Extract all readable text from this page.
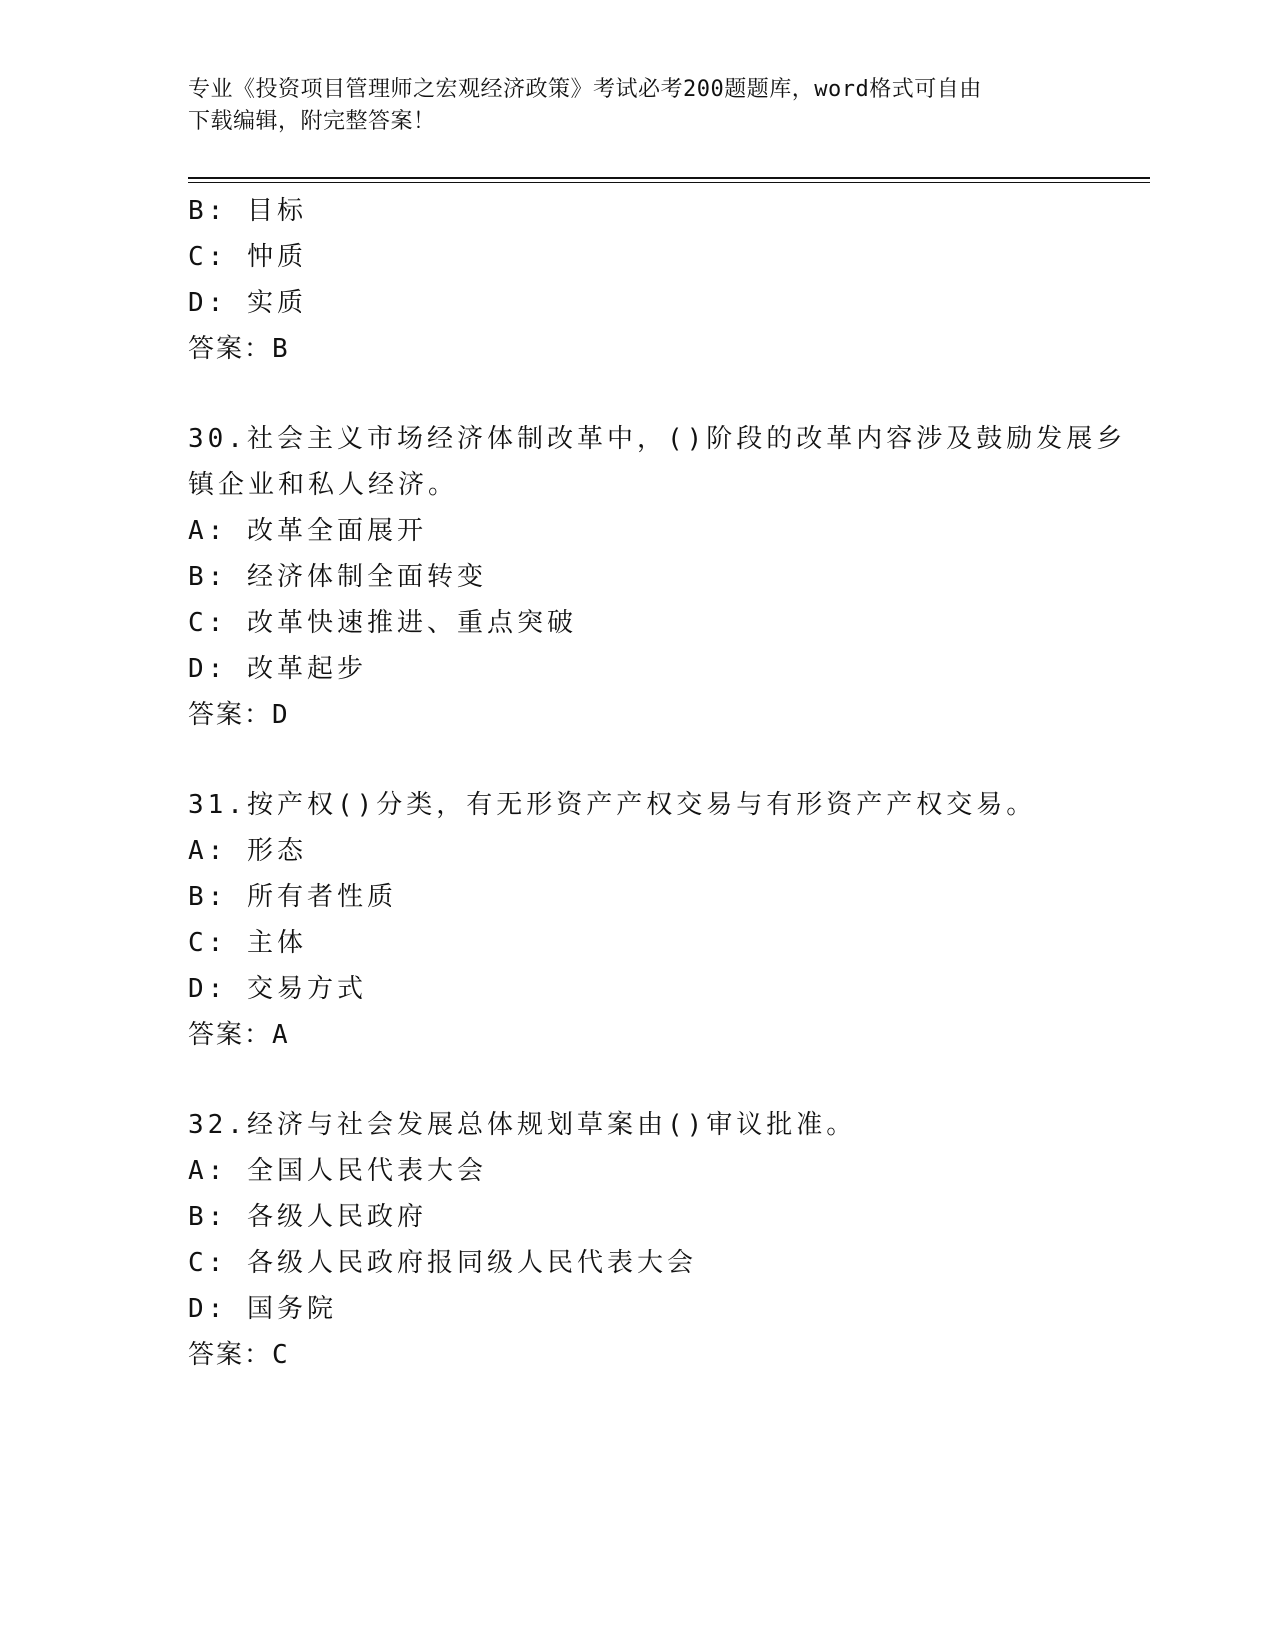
专业《投资项目管理师之宏观经济政策》考试必考200题题库，word格式可自由
下载编辑，附完整答案！
B: 目标
C: 忡质
D: 实质
答案：B
30.社会主义市场经济体制改革中，()阶段的改革内容涉及鼓励发展乡
镇企业和私人经济。
A: 改革全面展开
B: 经济体制全面转变
C: 改革快速推进、重点突破
D: 改革起步
答案：D
31.按产权()分类，有无形资产产权交易与有形资产产权交易。
A: 形态
B: 所有者性质
C: 主体
D: 交易方式
答案：A
32.经济与社会发展总体规划草案由()审议批准。
A: 全国人民代表大会
B: 各级人民政府
C: 各级人民政府报同级人民代表大会
D: 国务院
答案：C
